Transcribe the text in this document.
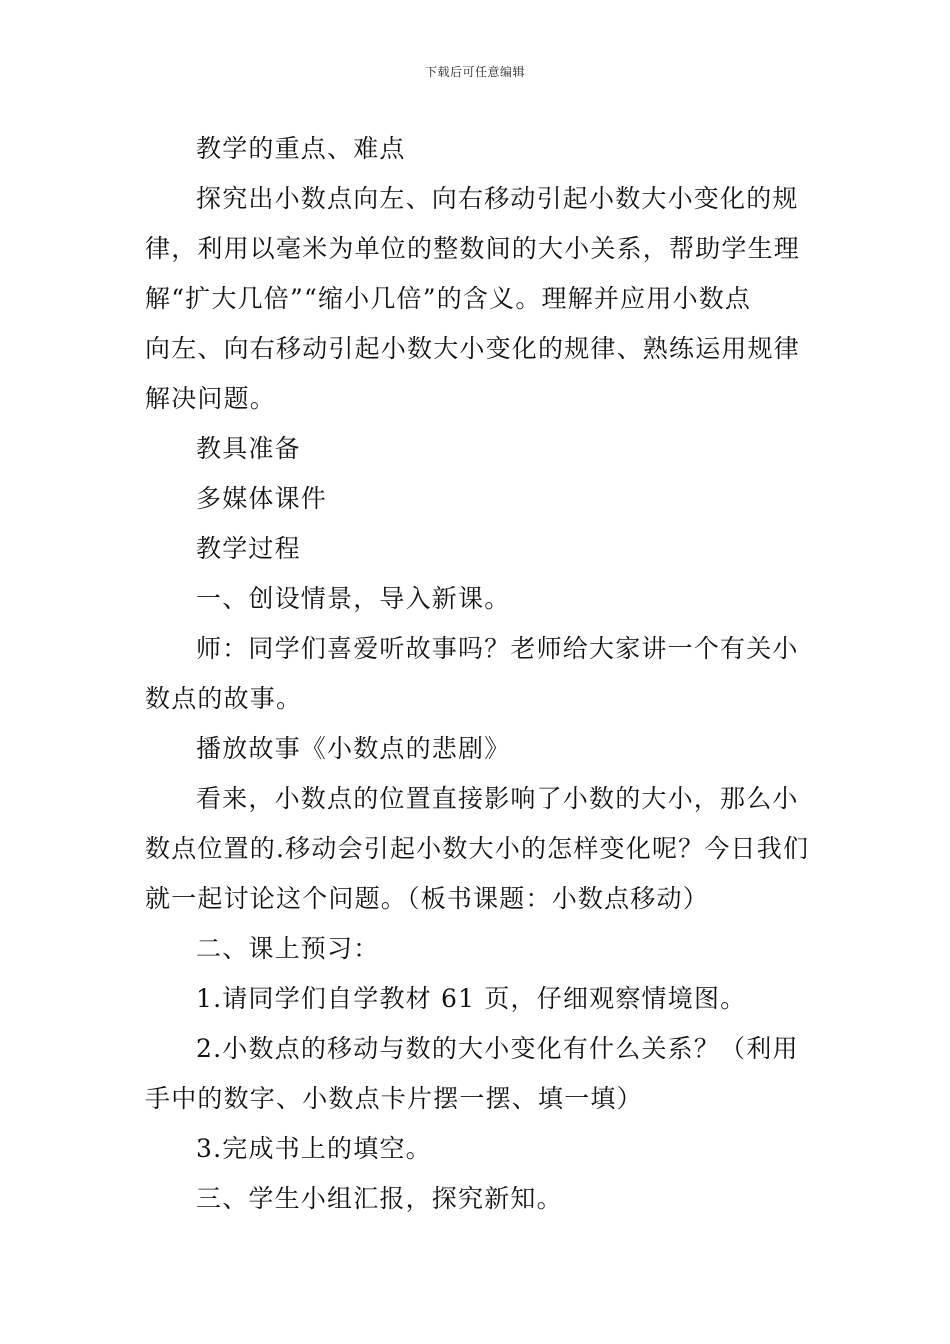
下载后可任意编辑

教学的重点、难点

探究出小数点向左、向右移动引起小数大小变化的规

律，利用以毫米为单位的整数间的大小关系，帮助学生理

解“扩大几倍”“缩小几倍”的含义。理解并应用小数点

向左、向右移动引起小数大小变化的规律、熟练运用规律

解决问题。

教具准备

多媒体课件

教学过程

一、创设情景，导入新课。

师：同学们喜爱听故事吗？老师给大家讲一个有关小

数点的故事。

播放故事《小数点的悲剧》

看来，小数点的位置直接影响了小数的大小，那么小

数点位置的.移动会引起小数大小的怎样变化呢？今日我们

就一起讨论这个问题。（板书课题：小数点移动）

二、课上预习：

1.请同学们自学教材 61 页，仔细观察情境图。

2.小数点的移动与数的大小变化有什么关系？（利用

手中的数字、小数点卡片摆一摆、填一填）

3.完成书上的填空。

三、学生小组汇报，探究新知。
